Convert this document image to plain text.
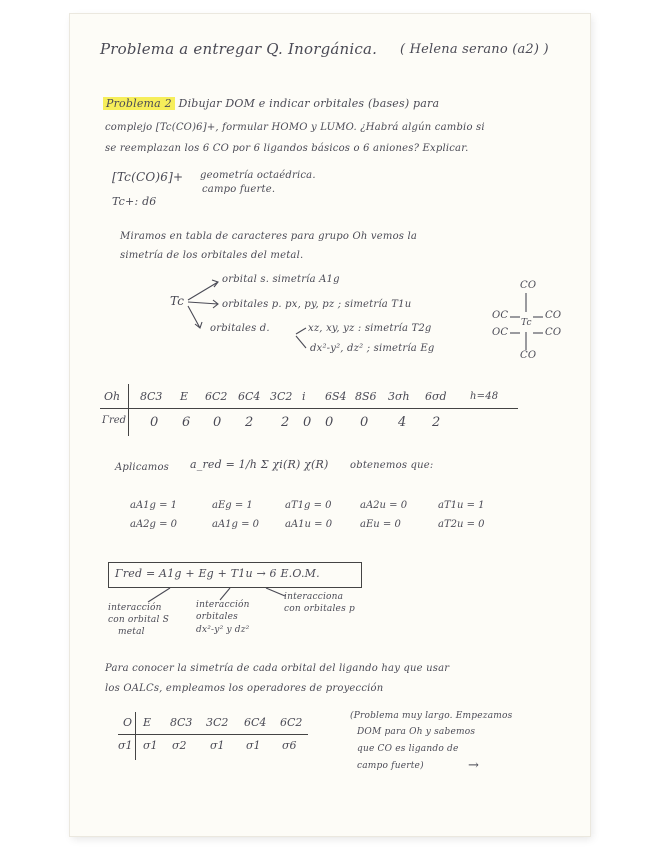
Problema a entregar Q. Inorgánica. ( Helena serano (a2) )
Problema 2 Dibujar DOM e indicar orbitales (bases) para
complejo [Tc(CO)6]+, formular HOMO y LUMO. ¿Habrá algún cambio si
se reemplazan los 6 CO por 6 ligandos básicos o 6 aniones? Explicar.
[Tc(CO)6]+ geometría octaédrica.
campo fuerte.
Tc+: d6
Miramos en tabla de caracteres para grupo Oh vemos la
simetría de los orbitales del metal.
Tc
orbital s. simetría A1g
orbitales p. px, py, pz ; simetría T1u
orbitales d.	xz, xy, yz : simetría T2g
dx²-y², dz² ; simetría Eg
CO
OC	CO
OC	CO
Tc
CO
Oh 8C3 E 6C2 6C4 3C2 i 6S4 8S6 3σh 6σd
Γred 0 6 0 2 2 0 0 0 4 2
h=48
Aplicamos a_red = 1/h Σ χi(R) χ(R) obtenemos que:
aA1g = 1	aEg = 1	aT1g = 0	aA2u = 0	aT1u = 1
aA2g = 0	aA1g = 0	aA1u = 0	aEu = 0	aT2u = 0
Γred = A1g + Eg + T1u → 6 E.O.M.
interacción
con orbital S
metal
interacción
orbitales
dx²-y² y dz²
interacciona
con orbitales p
Para conocer la simetría de cada orbital del ligando hay que usar
los OALCs, empleamos los operadores de proyección
O E 8C3 3C2 6C4 6C2
σ1 σ1 σ2 σ1 σ1 σ6
(Problema muy largo. Empezamos
DOM para Oh y sabemos
que CO es ligando de
campo fuerte)	→
